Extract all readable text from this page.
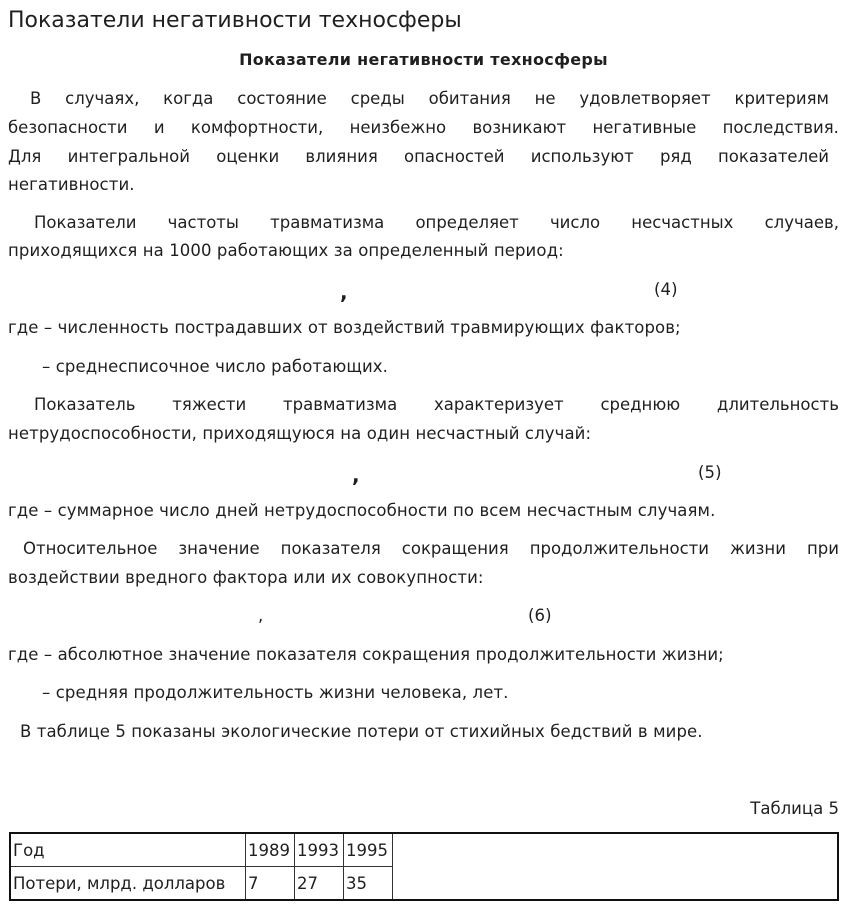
Показатели негативности техносферы
Показатели негативности техносферы
В случаях, когда состояние среды обитания не удовлетворяет критериям
безопасности и комфортности, неизбежно возникают негативные последствия.
Для интегральной оценки влияния опасностей используют ряд показателей
негативности.
Показатели частоты травматизма определяет число несчастных случаев,
приходящихся на 1000 работающих за определенный период:
,	(4)
где – численность пострадавших от воздействий травмирующих факторов;
– среднесписочное число работающих.
Показатель тяжести травматизма характеризует среднюю длительность
нетрудоспособности, приходящуюся на один несчастный случай:
,	(5)
где – суммарное число дней нетрудоспособности по всем несчастным случаям.
Относительное значение показателя сокращения продолжительности жизни при
воздействии вредного фактора или их совокупности:
,	(6)
где – абсолютное значение показателя сокращения продолжительности жизни;
– средняя продолжительность жизни человека, лет.
В таблице 5 показаны экологические потери от стихийных бедствий в мире.
Таблица 5
Год	1989	1993	1995	
Потери, млрд. долларов	7	27	35	
